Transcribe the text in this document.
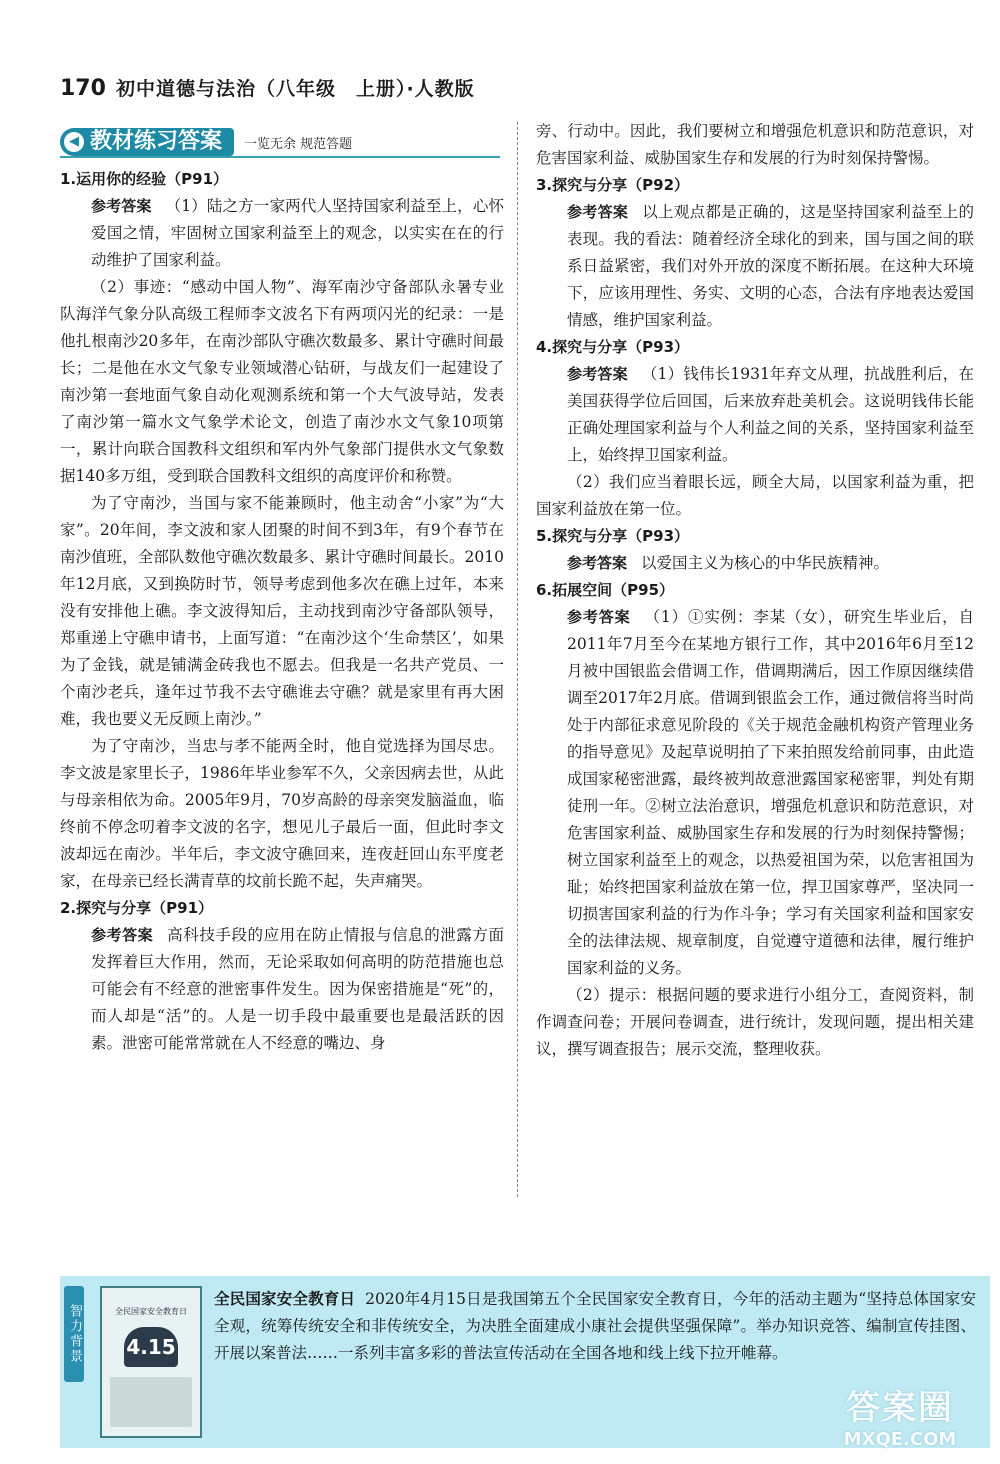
170 初中道德与法治（八年级　上册）·人教版
◀ 教材练习答案 一览无余 规范答题

1.运用你的经验（P91）

参考答案 （1）陆之方一家两代人坚持国家利益至上，心怀爱国之情，牢固树立国家利益至上的观念，以实实在在的行动维护了国家利益。

（2）事迹：“感动中国人物”、海军南沙守备部队永暑专业队海洋气象分队高级工程师李文波名下有两项闪光的纪录：一是他扎根南沙20多年，在南沙部队守礁次数最多、累计守礁时间最长；二是他在水文气象专业领域潜心钻研，与战友们一起建设了南沙第一套地面气象自动化观测系统和第一个大气波导站，发表了南沙第一篇水文气象学术论文，创造了南沙水文气象10项第一，累计向联合国教科文组织和军内外气象部门提供水文气象数据140多万组，受到联合国教科文组织的高度评价和称赞。

为了守南沙，当国与家不能兼顾时，他主动舍“小家”为“大家”。20年间，李文波和家人团聚的时间不到3年，有9个春节在南沙值班，全部队数他守礁次数最多、累计守礁时间最长。2010年12月底，又到换防时节，领导考虑到他多次在礁上过年，本来没有安排他上礁。李文波得知后，主动找到南沙守备部队领导，郑重递上守礁申请书，上面写道：“在南沙这个‘生命禁区’，如果为了金钱，就是铺满金砖我也不愿去。但我是一名共产党员、一个南沙老兵，逢年过节我不去守礁谁去守礁？就是家里有再大困难，我也要义无反顾上南沙。”

为了守南沙，当忠与孝不能两全时，他自觉选择为国尽忠。李文波是家里长子，1986年毕业参军不久，父亲因病去世，从此与母亲相依为命。2005年9月，70岁高龄的母亲突发脑溢血，临终前不停念叨着李文波的名字，想见儿子最后一面，但此时李文波却远在南沙。半年后，李文波守礁回来，连夜赶回山东平度老家，在母亲已经长满青草的坟前长跪不起，失声痛哭。

2.探究与分享（P91）

参考答案 高科技手段的应用在防止情报与信息的泄露方面发挥着巨大作用，然而，无论采取如何高明的防范措施也总可能会有不经意的泄密事件发生。因为保密措施是“死”的，而人却是“活”的。人是一切手段中最重要也是最活跃的因素。泄密可能常常就在人不经意的嘴边、身

旁、行动中。因此，我们要树立和增强危机意识和防范意识，对危害国家利益、威胁国家生存和发展的行为时刻保持警惕。

3.探究与分享（P92）

参考答案 以上观点都是正确的，这是坚持国家利益至上的表现。我的看法：随着经济全球化的到来，国与国之间的联系日益紧密，我们对外开放的深度不断拓展。在这种大环境下，应该用理性、务实、文明的心态，合法有序地表达爱国情感，维护国家利益。

4.探究与分享（P93）

参考答案 （1）钱伟长1931年弃文从理，抗战胜利后，在美国获得学位后回国，后来放弃赴美机会。这说明钱伟长能正确处理国家利益与个人利益之间的关系，坚持国家利益至上，始终捍卫国家利益。

（2）我们应当着眼长远，顾全大局，以国家利益为重，把国家利益放在第一位。

5.探究与分享（P93）

参考答案 以爱国主义为核心的中华民族精神。

6.拓展空间（P95）

参考答案 （1）①实例：李某（女），研究生毕业后，自2011年7月至今在某地方银行工作，其中2016年6月至12月被中国银监会借调工作，借调期满后，因工作原因继续借调至2017年2月底。借调到银监会工作，通过微信将当时尚处于内部征求意见阶段的《关于规范金融机构资产管理业务的指导意见》及起草说明拍了下来拍照发给前同事，由此造成国家秘密泄露，最终被判故意泄露国家秘密罪，判处有期徒刑一年。②树立法治意识，增强危机意识和防范意识，对危害国家利益、威胁国家生存和发展的行为时刻保持警惕；树立国家利益至上的观念，以热爱祖国为荣，以危害祖国为耻；始终把国家利益放在第一位，捍卫国家尊严，坚决同一切损害国家利益的行为作斗争；学习有关国家利益和国家安全的法律法规、规章制度，自觉遵守道德和法律，履行维护国家利益的义务。

（2）提示：根据问题的要求进行小组分工，查阅资料，制作调查问卷；开展问卷调查，进行统计，发现问题，提出相关建议，撰写调查报告；展示交流，整理收获。

智力背景	全民国家安全教育日
4.15
全民国家安全教育日 2020年4月15日是我国第五个全民国家安全教育日，今年的活动主题为“坚持总体国家安全观，统筹传统安全和非传统安全，为决胜全面建成小康社会提供坚强保障”。举办知识竞答、编制宣传挂图、开展以案普法……一系列丰富多彩的普法宣传活动在全国各地和线上线下拉开帷幕。
答案圈
MXQE.COM
